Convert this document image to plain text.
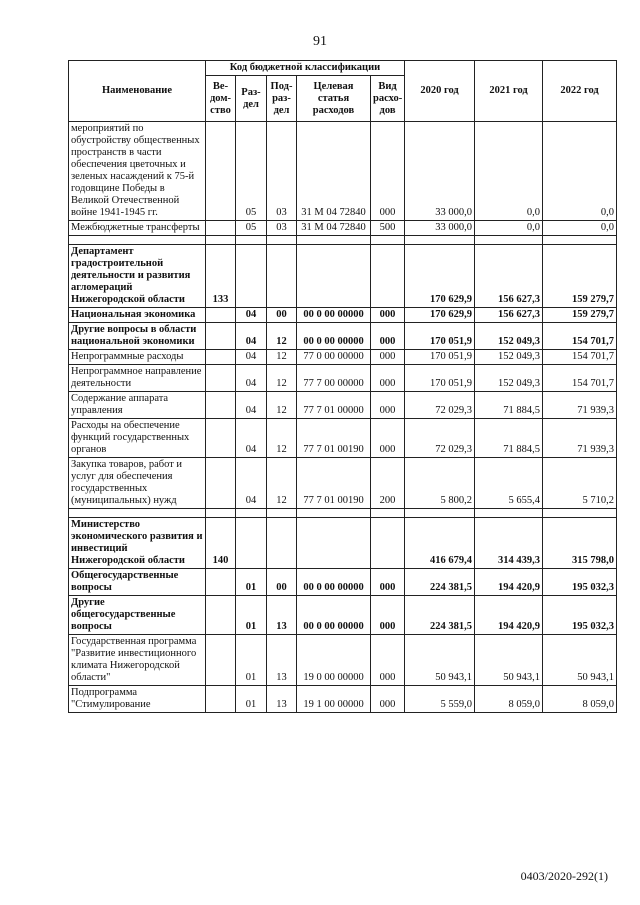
91
Наименование	Код бюджетной классификации					2020 год	2021 год	2022 год
	Ве-дом-ство	Раз-дел	Под-раз-дел	Целевая статья расходов	Вид расхо-дов			
мероприятий по обустройству общественных пространств в части обеспечения цветочных и зеленых насаждений к 75-й годовщине Победы в Великой Отечественной войне 1941-1945 гг.		05	03	31 М 04 72840	000	33 000,0	0,0	0,0
Межбюджетные трансферты		05	03	31 М 04 72840	500	33 000,0	0,0	0,0

Департамент градостроительной деятельности и развития агломераций Нижегородской области	133					170 629,9	156 627,3	159 279,7
Национальная экономика		04	00	00 0 00 00000	000	170 629,9	156 627,3	159 279,7
Другие вопросы в области национальной экономики		04	12	00 0 00 00000	000	170 051,9	152 049,3	154 701,7
Непрограммные расходы		04	12	77 0 00 00000	000	170 051,9	152 049,3	154 701,7
Непрограммное направление деятельности		04	12	77 7 00 00000	000	170 051,9	152 049,3	154 701,7
Содержание аппарата управления		04	12	77 7 01 00000	000	72 029,3	71 884,5	71 939,3
Расходы на обеспечение функций государственных органов		04	12	77 7 01 00190	000	72 029,3	71 884,5	71 939,3
Закупка товаров, работ и услуг для обеспечения государственных (муниципальных) нужд		04	12	77 7 01 00190	200	5 800,2	5 655,4	5 710,2

Министерство экономического развития и инвестиций Нижегородской области	140					416 679,4	314 439,3	315 798,0
Общегосударственные вопросы		01	00	00 0 00 00000	000	224 381,5	194 420,9	195 032,3
Другие общегосударственные вопросы		01	13	00 0 00 00000	000	224 381,5	194 420,9	195 032,3
Государственная программа "Развитие инвестиционного климата Нижегородской области"		01	13	19 0 00 00000	000	50 943,1	50 943,1	50 943,1
Подпрограмма "Стимулирование		01	13	19 1 00 00000	000	5 559,0	8 059,0	8 059,0
0403/2020-292(1)
